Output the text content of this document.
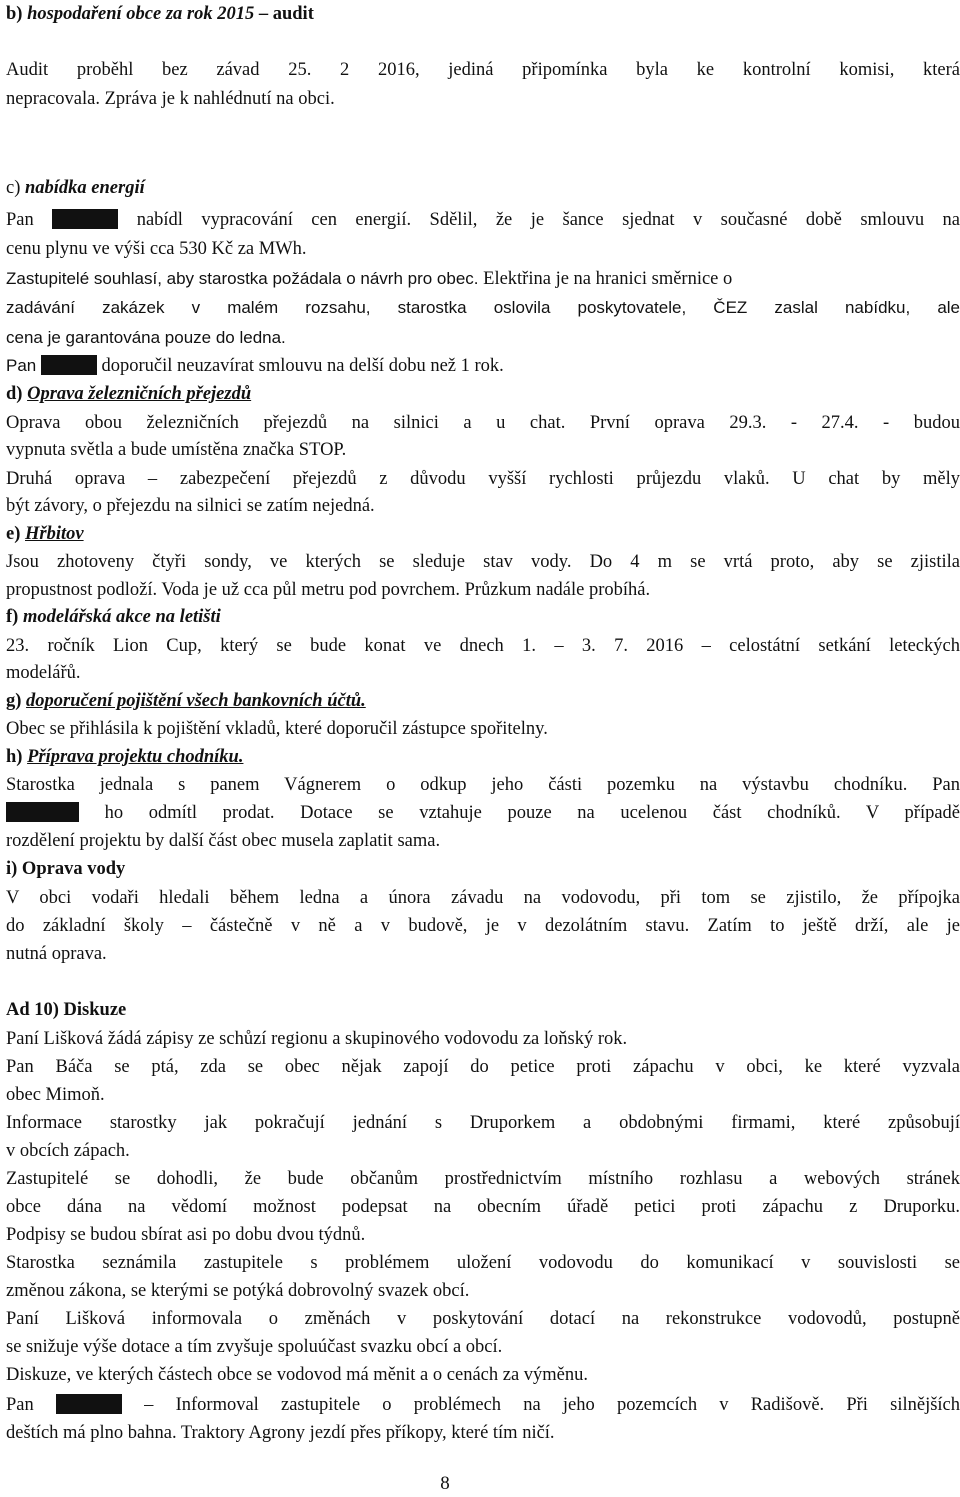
b) hospodaření obce za rok 2015 – audit

Audit proběhl bez závad 25. 2 2016, jediná připomínka byla ke kontrolní komisi, která

nepracovala. Zpráva je k nahlédnutí na obci.

c) nabídka energií

Pan	nabídl vypracování cen energií. Sdělil, že je šance sjednat v současné době smlouvu na

cenu plynu ve výši cca 530 Kč za MWh.

Zastupitelé souhlasí, aby starostka požádala o návrh pro obec. Elektřina je na hranici směrnice o

zadávání zakázek v malém rozsahu, starostka oslovila poskytovatele, ČEZ zaslal nabídku, ale

cena je garantována pouze do ledna.

Pan	doporučil neuzavírat smlouvu na delší dobu než 1 rok.

d) Oprava železničních přejezdů

Oprava obou železničních přejezdů na silnici a u chat. První oprava 29.3. - 27.4. - budou

vypnuta světla a bude umístěna značka STOP.

Druhá oprava – zabezpečení přejezdů z důvodu vyšší rychlosti průjezdu vlaků. U chat by měly

být závory, o přejezdu na silnici se zatím nejedná.

e) Hřbitov

Jsou zhotoveny čtyři sondy, ve kterých se sleduje stav vody. Do 4 m se vrtá proto, aby se zjistila

propustnost podloží. Voda je už cca půl metru pod povrchem. Průzkum nadále probíhá.

f) modelářská akce na letišti

23. ročník Lion Cup, který se bude konat ve dnech 1. – 3. 7. 2016 – celostátní setkání leteckých

modelářů.

g) doporučení pojištění všech bankovních účtů.

Obec se přihlásila k pojištění vkladů, které doporučil zástupce spořitelny.

h) Příprava projektu chodníku.

Starostka jednala s panem Vágnerem o odkup jeho části pozemku na výstavbu chodníku. Pan

ho odmítl prodat. Dotace se vztahuje pouze na ucelenou část chodníků. V případě

rozdělení projektu by další část obec musela zaplatit sama.

i) Oprava vody

V obci vodaři hledali během ledna a února závadu na vodovodu, při tom se zjistilo, že přípojka

do základní školy – částečně v ně a v budově, je v dezolátním stavu. Zatím to ještě drží, ale je

nutná oprava.

Ad 10) Diskuze

Paní Lišková žádá zápisy ze schůzí regionu a skupinového vodovodu za loňský rok.

Pan Báča se ptá, zda se obec nějak zapojí do petice proti zápachu v obci, ke které vyzvala

obec Mimoň.

Informace starostky jak pokračují jednání s Druporkem a obdobnými firmami, které způsobují

v obcích zápach.

Zastupitelé se dohodli, že bude občanům prostřednictvím místního rozhlasu a webových stránek

obce dána na vědomí možnost podepsat na obecním úřadě petici proti zápachu z Druporku.

Podpisy se budou sbírat asi po dobu dvou týdnů.

Starostka seznámila zastupitele s problémem uložení vodovodu do komunikací v souvislosti se

změnou zákona, se kterými se potýká dobrovolný svazek obcí.

Paní Lišková informovala o změnách v poskytování dotací na rekonstrukce vodovodů, postupně

se snižuje výše dotace a tím zvyšuje spoluúčast svazku obcí a obcí.

Diskuze, ve kterých částech obce se vodovod má měnit a o cenách za výměnu.

Pan	– Informoval zastupitele o problémech na jeho pozemcích v Radišově. Při silnějších

deštích má plno bahna. Traktory Agrony jezdí přes příkopy, které tím ničí.

8
